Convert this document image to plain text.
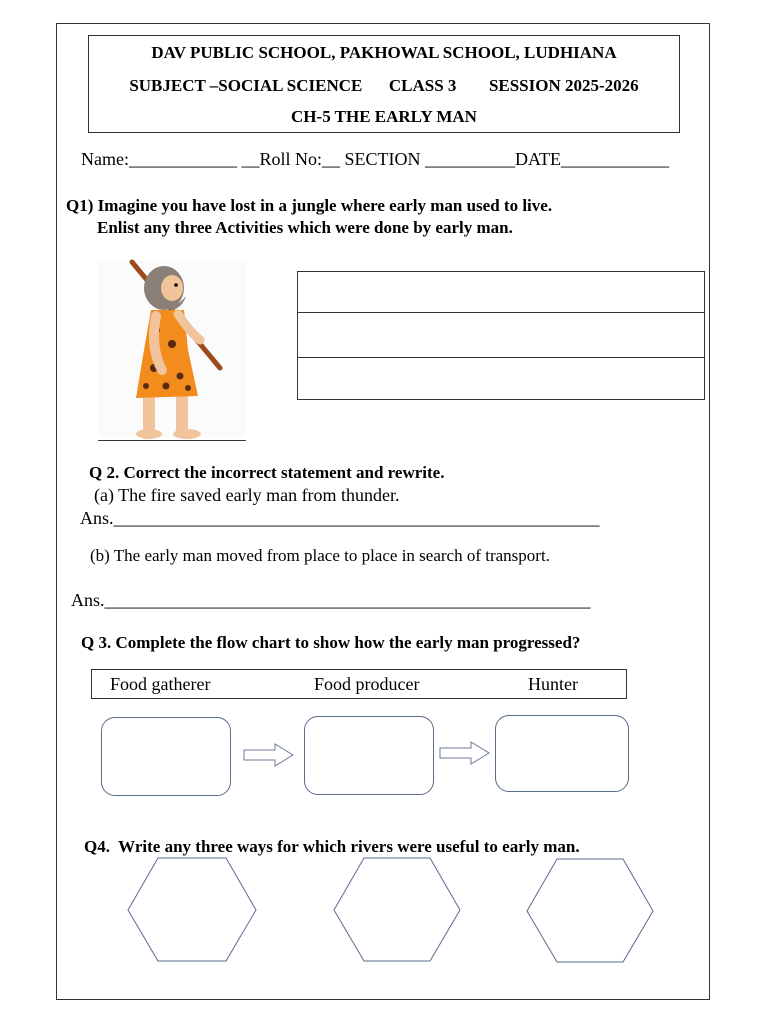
DAV PUBLIC SCHOOL, PAKHOWAL SCHOOL, LUDHIANA
SUBJECT –SOCIAL SCIENCE CLASS 3 SESSION 2025-2026
CH-5 THE EARLY MAN
Name:____________ __Roll No:__ SECTION __________DATE____________
Q1) Imagine you have lost in a jungle where early man used to live.
Enlist any three Activities which were done by early man.
Q 2. Correct the incorrect statement and rewrite.
(a) The fire saved early man from thunder.
Ans.______________________________________________________
(b) The early man moved from place to place in search of transport.
Ans.______________________________________________________
Q 3. Complete the flow chart to show how the early man progressed?
Food gatherer	Food producer	Hunter
Q4.  Write any three ways for which rivers were useful to early man.
